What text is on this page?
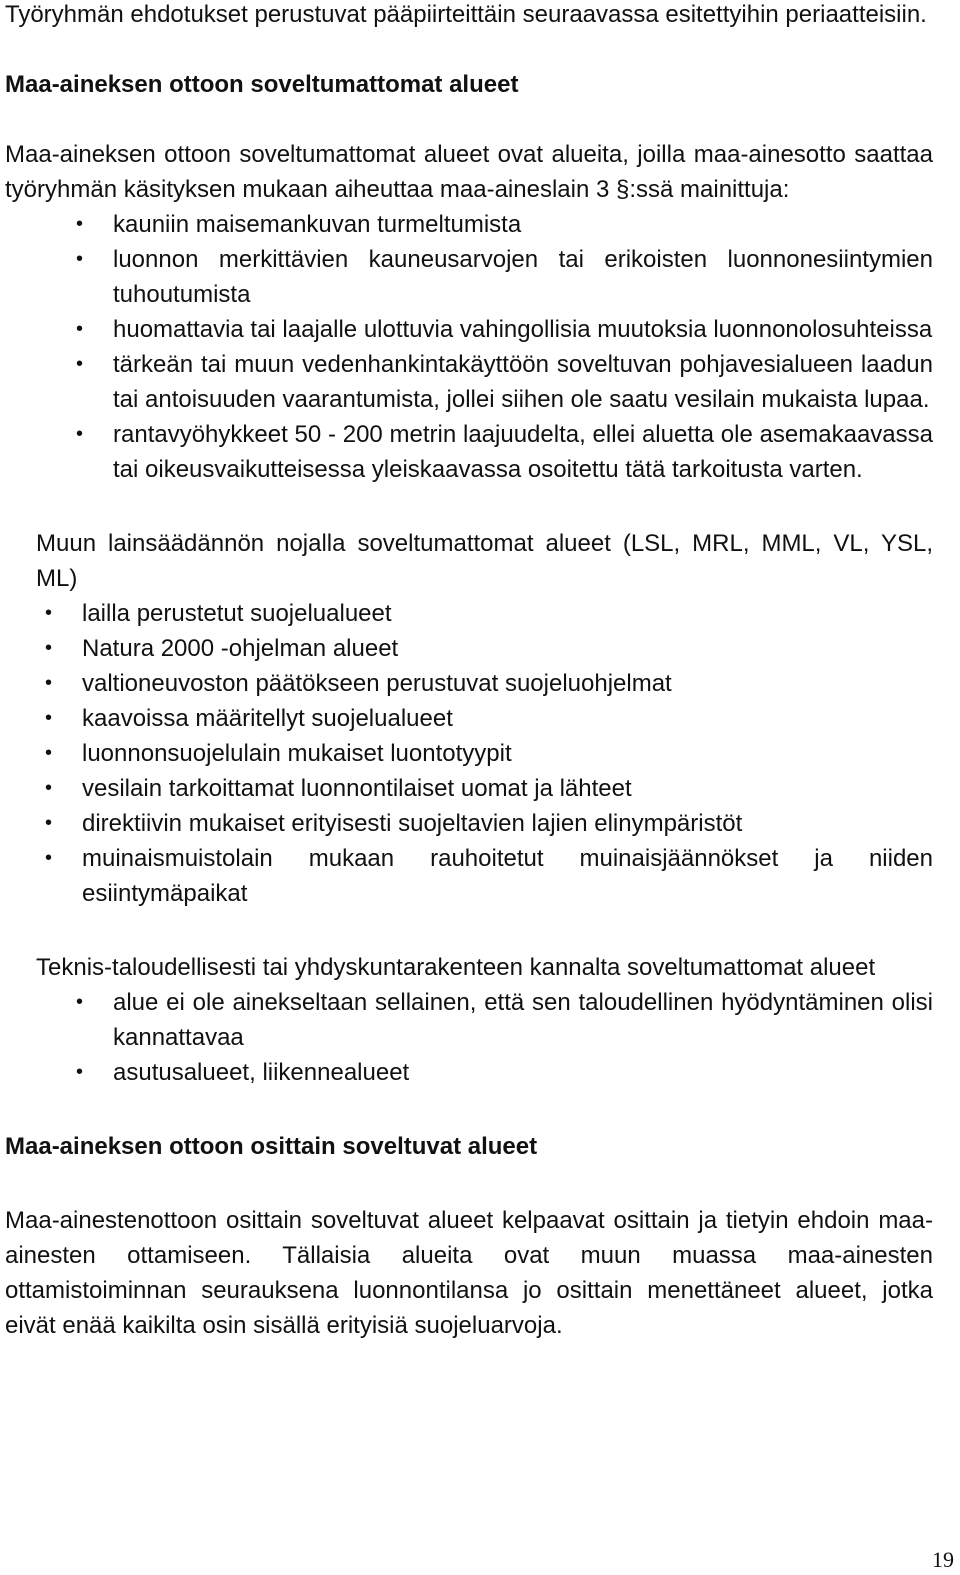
Työryhmän ehdotukset perustuvat pääpiirteittäin seuraavassa esitettyihin periaatteisiin.

Maa-aineksen ottoon soveltumattomat alueet

Maa-aineksen ottoon soveltumattomat alueet ovat alueita, joilla maa-ainesotto saattaa työryhmän käsityksen mukaan aiheuttaa maa-aineslain 3 §:ssä mainittuja:

• kauniin maisemankuvan turmeltumista
• luonnon merkittävien kauneusarvojen tai erikoisten luonnonesiintymien tuhoutumista
• huomattavia tai laajalle ulottuvia vahingollisia muutoksia luonnonolosuhteissa
• tärkeän tai muun vedenhankintakäyttöön soveltuvan pohjavesialueen laadun tai antoisuuden vaarantumista, jollei siihen ole saatu vesilain mukaista lupaa.
• rantavyöhykkeet 50 - 200 metrin laajuudelta, ellei aluetta ole asemakaavassa tai oikeusvaikutteisessa yleiskaavassa osoitettu tätä tarkoitusta varten.

Muun lainsäädännön nojalla soveltumattomat alueet (LSL, MRL, MML, VL, YSL, ML)

• lailla perustetut suojelualueet
• Natura 2000 -ohjelman alueet
• valtioneuvoston päätökseen perustuvat suojeluohjelmat
• kaavoissa määritellyt suojelualueet
• luonnonsuojelulain mukaiset luontotyypit
• vesilain tarkoittamat luonnontilaiset uomat ja lähteet
• direktiivin mukaiset erityisesti suojeltavien lajien elinympäristöt
• muinaismuistolain mukaan rauhoitetut muinaisjäännökset ja niiden esiintymäpaikat

Teknis-taloudellisesti tai yhdyskuntarakenteen kannalta soveltumattomat alueet

• alue ei ole ainekseltaan sellainen, että sen taloudellinen hyödyntäminen olisi kannattavaa
• asutusalueet, liikennealueet
Maa-aineksen ottoon osittain soveltuvat alueet

Maa-ainestenottoon osittain soveltuvat alueet kelpaavat osittain ja tietyin ehdoin maa-ainesten ottamiseen. Tällaisia alueita ovat muun muassa maa-ainesten ottamistoiminnan seurauksena luonnontilansa jo osittain menettäneet alueet, jotka eivät enää kaikilta osin sisällä erityisiä suojeluarvoja.

19
